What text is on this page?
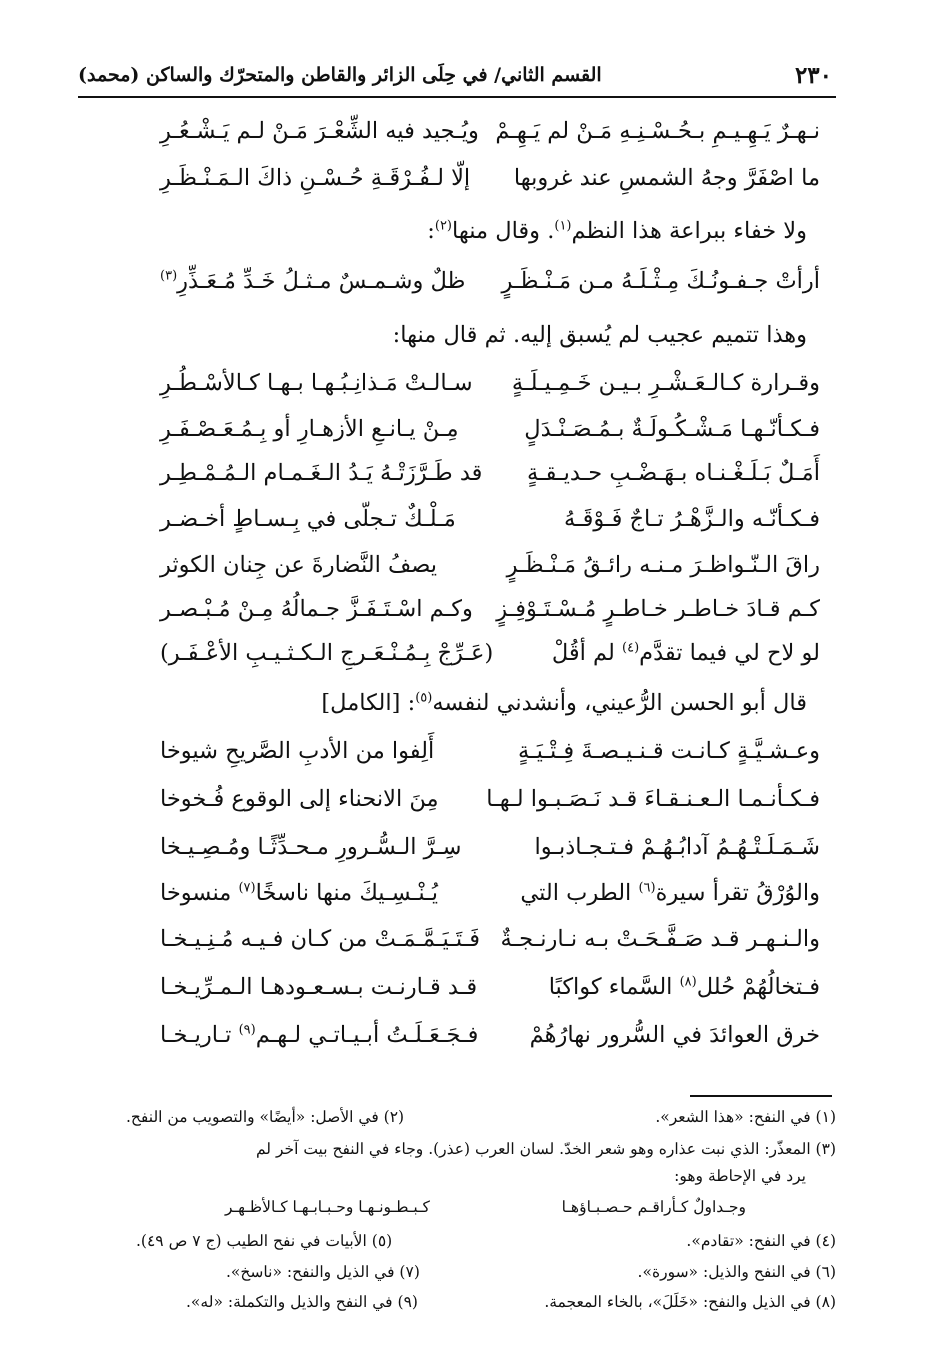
٢٣٠
القسم الثاني/ في حِلَى الزائر والقاطن والمتحرّك والساكن (محمد)
نـهـرٌ يَـهِـيـمِ بـحُـسْـنِـهِ مَـنْ لم يَـهِـمْ
ويُـجيد فيه الشِّعْـرَ مَـنْ لـم يَـشْـعُـرِ
ما اصْفَرَّ وجهُ الشمسِ عند غروبها
إلّا لـفُـرْقَـةِ حُـسْـنِ ذاكَ الـمَـنْـظَـرِ
ولا خفاء ببراعة هذا النظم$^{(١)}$. وقال منها$^{(٢)}$:
أرأتْ جـفـونُـكَ مِـثْـلَـهُ مـن مَـنْـظَـرٍ
ظلٌ وشـمـسٌ مـثـلُ خَـدِّ مُـعَـذِّرِ$^{(٣)}$
وهذا تتميم عجيب لم يُسبق إليه. ثم قال منها:
وقـرارة كـالـعَـشْـرِ بـيـن خَـمِـيـلَـةٍ
سـالـتْ مَـذانِـبُـهـا بـهـا كـالأسْـطُـرِ
فـكـأنّـهـا مَـشْـكُـولَـةٌ بـمُـصَـنْـدَلٍ
مِـنْ يـانـعِ الأزهـارِ أو بِـمُـعَـصْـفَـرِ
أَمَـلٌ بَـلَـغْـنـاه بـهَـضْـبِ حـديـقـةٍ
قد طَـرَّزَتْـهُ يَـدُ الـغَـمـام الـمُـمْـطِـر
فـكـأنّـه والـزَّهْـرُ تـاجٌ فَـوْقَـهُ
مَـلْـكٌ تـجلّى في بِـسـاطٍ أخـضـر
راقَ الـنّـواظـرَ مـنـه رائـقُ مَـنْـظَـرٍ
يصفُ النَّضارةَ عن جِنان الكوثر
كـم قـادَ خـاطـر خـاطـرٍ مُـسْـتَـوْفِـزٍ
وكـم اسْـتَـفَـزَّ جـمالُهُ مِـنْ مُـبْـصـر
لو لاح لي فيما تقدَّم$^{(٤)}$ لم أقُلْ
(عَـرِّجْ بِـمُـنْـعَـرجِ الـكـثـيـبِ الأعْـفَـر)
قال أبو الحسن الرُّعيني، وأنشدني لنفسه$^{(٥)}$: [الكامل]
وعـشـيَّـةٍ كـانـت قـنـيـصـةَ فِـتْـيَـةٍ
أَلِفوا من الأدبِ الصَّريحِ شيوخا
فـكـأنـمـا الـعـنـقـاءَ قـد نَـصَـبـوا لـهـا
مِنَ الانحناء إلى الوقوع فُـخوخا
شَـمَـلَـتْـهُـمُ آدابُـهُـمْ فـتـجـاذبـوا
سِـرَّ الـسُّـرورِ مـحـدِّثًـا ومُـصِـيـخا
والوُرْقُ تقرأ سيرة$^{(٦)}$ الطرب التي
يُـنْـسِـيكَ منها ناسخًا$^{(٧)}$ منسوخا
والـنـهـر قـد صَـفَّـحَـتْ بـه نـارنـجـةٌ
فَـتَـيَـمَّـمَـتْ من كـان فـيـه مُـنِـيـخـا
فـتخالُهُمْ حُلل$^{(٨)}$ السَّماء كواكبًا
قـد قـارنـت بـسـعـودهـا الـمـرِّيـخـا
خرق العوائدَ في السُّرور نهارُهُمْ
فـجَـعَـلَـتُ أبـيـاتـي لـهـم$^{(٩)}$ تـاريـخـا
(١) في النفح: «هذا الشعر».
(٢) في الأصل: «أيضًا» والتصويب من النفح.
(٣) المعذّر: الذي نبت عذاره وهو شعر الخدّ. لسان العرب (عذر). وجاء في النفح بيت آخر لم
يرد في الإحاطة وهو:
وجـداولٌ كـأراقـم حـصـبـاؤهـا
كـبـطـونـهـا وحـبـابـهـا كـالأظـهـر
(٤) في النفح: «تقادم».
(٥) الأبيات في نفح الطيب (ج ٧ ص ٤٩).
(٦) في النفح والذيل: «سورة».
(٧) في الذيل والنفح: «ناسخ».
(٨) في الذيل والنفح: «خَلَلَ»، بالخاء المعجمة.
(٩) في النفح والذيل والتكملة: «له».
